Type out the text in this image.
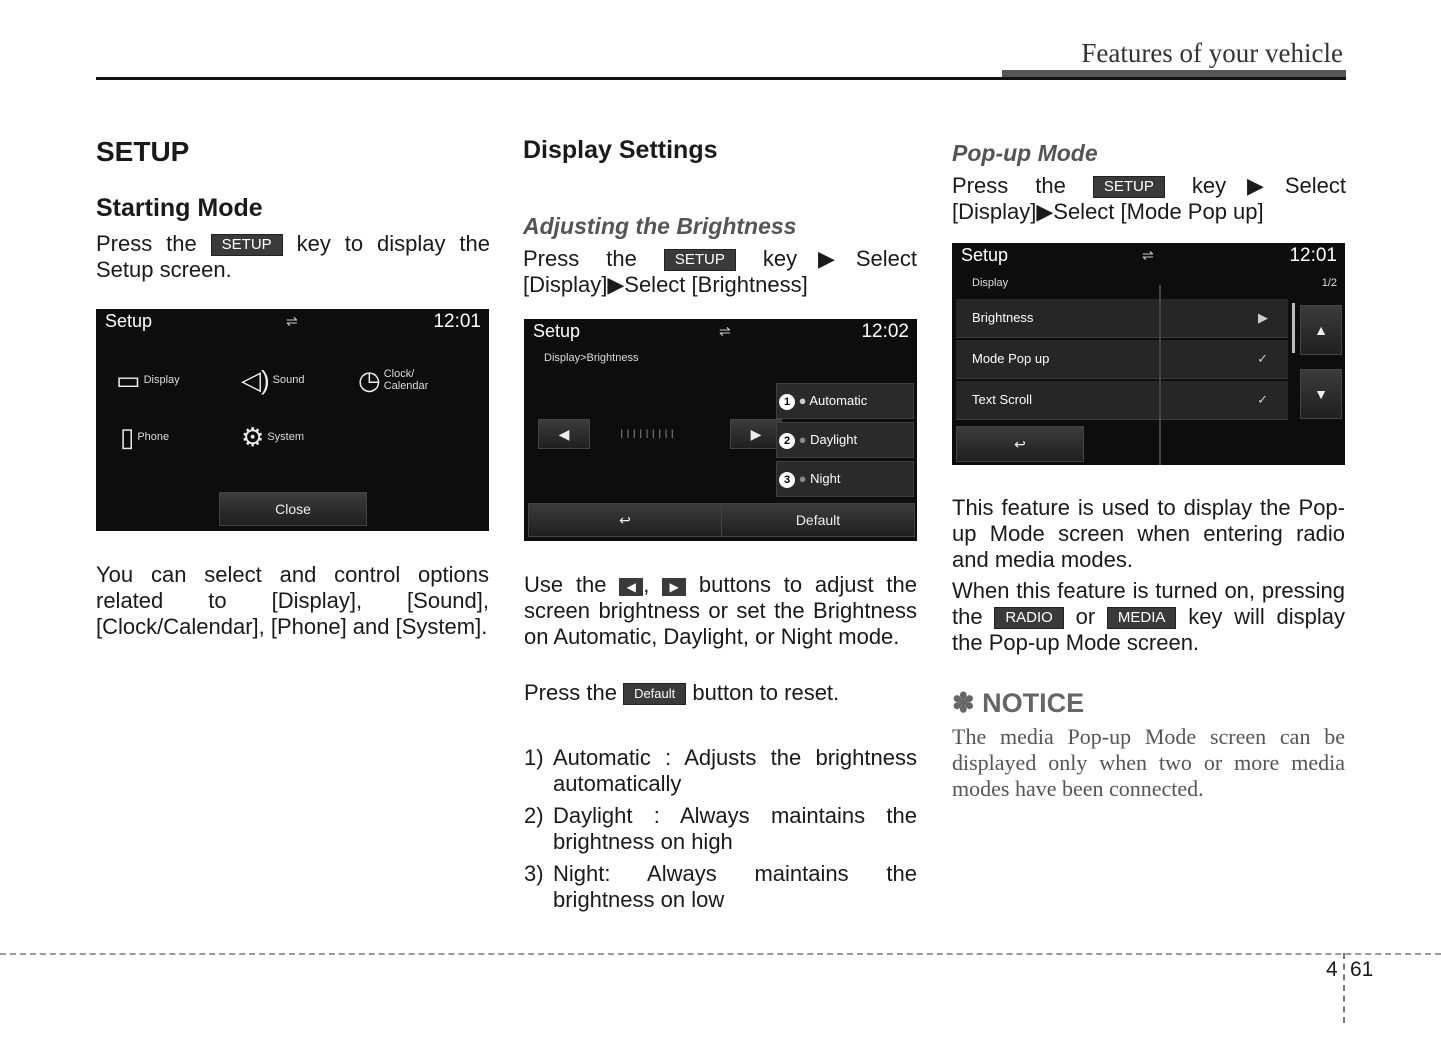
Features of your vehicle
SETUP
Starting Mode

Press the SETUP key to display the Setup screen.

Setup	⇌	12:01
▭ Display ◁) Sound ◷ Clock/ Calendar
▯ Phone	⚙ System
Close

You can select and control options related to [Display], [Sound], [Clock/Calendar], [Phone] and [System].

Display Settings
Adjusting the Brightness

Press the	SETUP key▶Select [Display]▶Select [Brightness]

Setup	⇌	12:02
Display>Brightness
◀	IIIIIIIII	▶
1 ● Automatic
2 ● Daylight
3 ● Night
↩	Default

Use the ◀ , ▶ buttons to adjust the screen brightness or set the Brightness on Automatic, Daylight, or Night mode.

Press the Default button to reset.

1) Automatic : Adjusts the brightness automatically
2) Daylight : Always maintains the brightness on high
3) Night: Always maintains the brightness on low
Pop-up Mode

Press the	SETUP key▶Select [Display]▶Select [Mode Pop up]

Setup	⇌	12:01
Display	1/2
Brightness	▶
Mode Pop up	✓
Text Scroll	✓
▲
▼
↩

This feature is used to display the Pop-up Mode screen when entering radio and media modes.

When this feature is turned on, pressing the RADIO or MEDIA key will display the Pop-up Mode screen.

✽ NOTICE

The media Pop-up Mode screen can be displayed only when two or more media modes have been connected.

4 61
